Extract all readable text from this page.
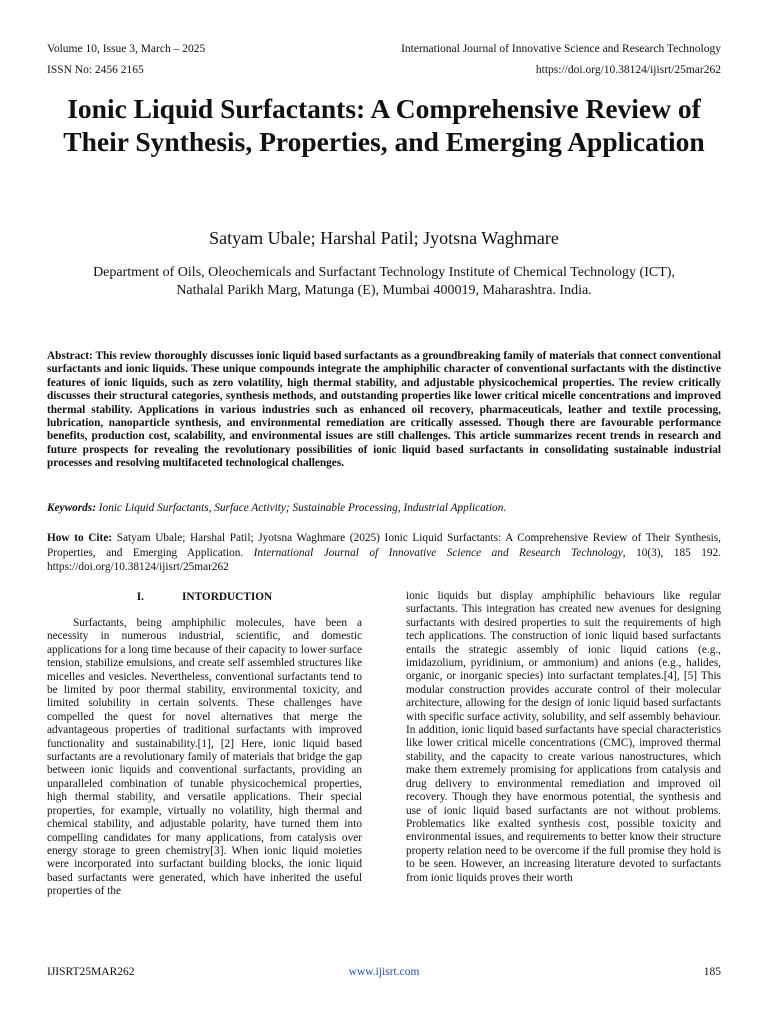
Volume 10, Issue 3, March – 2025	International Journal of Innovative Science and Research Technology
ISSN No: 2456 2165	https://doi.org/10.38124/ijisrt/25mar262
Ionic Liquid Surfactants: A Comprehensive Review of Their Synthesis, Properties, and Emerging Application
Satyam Ubale; Harshal Patil; Jyotsna Waghmare
Department of Oils, Oleochemicals and Surfactant Technology Institute of Chemical Technology (ICT),
Nathalal Parikh Marg, Matunga (E), Mumbai 400019, Maharashtra. India.
Abstract: This review thoroughly discusses ionic liquid based surfactants as a groundbreaking family of materials that connect conventional surfactants and ionic liquids. These unique compounds integrate the amphiphilic character of conventional surfactants with the distinctive features of ionic liquids, such as zero volatility, high thermal stability, and adjustable physicochemical properties. The review critically discusses their structural categories, synthesis methods, and outstanding properties like lower critical micelle concentrations and improved thermal stability. Applications in various industries such as enhanced oil recovery, pharmaceuticals, leather and textile processing, lubrication, nanoparticle synthesis, and environmental remediation are critically assessed. Though there are favourable performance benefits, production cost, scalability, and environmental issues are still challenges. This article summarizes recent trends in research and future prospects for revealing the revolutionary possibilities of ionic liquid based surfactants in consolidating sustainable industrial processes and resolving multifaceted technological challenges.
Keywords: Ionic Liquid Surfactants, Surface Activity; Sustainable Processing, Industrial Application.
How to Cite: Satyam Ubale; Harshal Patil; Jyotsna Waghmare (2025) Ionic Liquid Surfactants: A Comprehensive Review of Their Synthesis, Properties, and Emerging Application. International Journal of Innovative Science and Research Technology, 10(3), 185 192. https://doi.org/10.38124/ijisrt/25mar262
I.	INTORDUCTION

Surfactants, being amphiphilic molecules, have been a necessity in numerous industrial, scientific, and domestic applications for a long time because of their capacity to lower surface tension, stabilize emulsions, and create self assembled structures like micelles and vesicles. Nevertheless, conventional surfactants tend to be limited by poor thermal stability, environmental toxicity, and limited solubility in certain solvents. These challenges have compelled the quest for novel alternatives that merge the advantageous properties of traditional surfactants with improved functionality and sustainability.[1], [2] Here, ionic liquid based surfactants are a revolutionary family of materials that bridge the gap between ionic liquids and conventional surfactants, providing an unparalleled combination of tunable physicochemical properties, high thermal stability, and versatile applications. Their special properties, for example, virtually no volatility, high thermal and chemical stability, and adjustable polarity, have turned them into compelling candidates for many applications, from catalysis over energy storage to green chemistry[3]. When ionic liquid moieties were incorporated into surfactant building blocks, the ionic liquid based surfactants were generated, which have inherited the useful properties of the

ionic liquids but display amphiphilic behaviours like regular surfactants. This integration has created new avenues for designing surfactants with desired properties to suit the requirements of high tech applications. The construction of ionic liquid based surfactants entails the strategic assembly of ionic liquid cations (e.g., imidazolium, pyridinium, or ammonium) and anions (e.g., halides, organic, or inorganic species) into surfactant templates.[4], [5] This modular construction provides accurate control of their molecular architecture, allowing for the design of ionic liquid based surfactants with specific surface activity, solubility, and self assembly behaviour. In addition, ionic liquid based surfactants have special characteristics like lower critical micelle concentrations (CMC), improved thermal stability, and the capacity to create various nanostructures, which make them extremely promising for applications from catalysis and drug delivery to environmental remediation and improved oil recovery. Though they have enormous potential, the synthesis and use of ionic liquid based surfactants are not without problems. Problematics like exalted synthesis cost, possible toxicity and environmental issues, and requirements to better know their structure property relation need to be overcome if the full promise they hold is to be seen. However, an increasing literature devoted to surfactants from ionic liquids proves their worth

IJISRT25MAR262	www.ijisrt.com	185
